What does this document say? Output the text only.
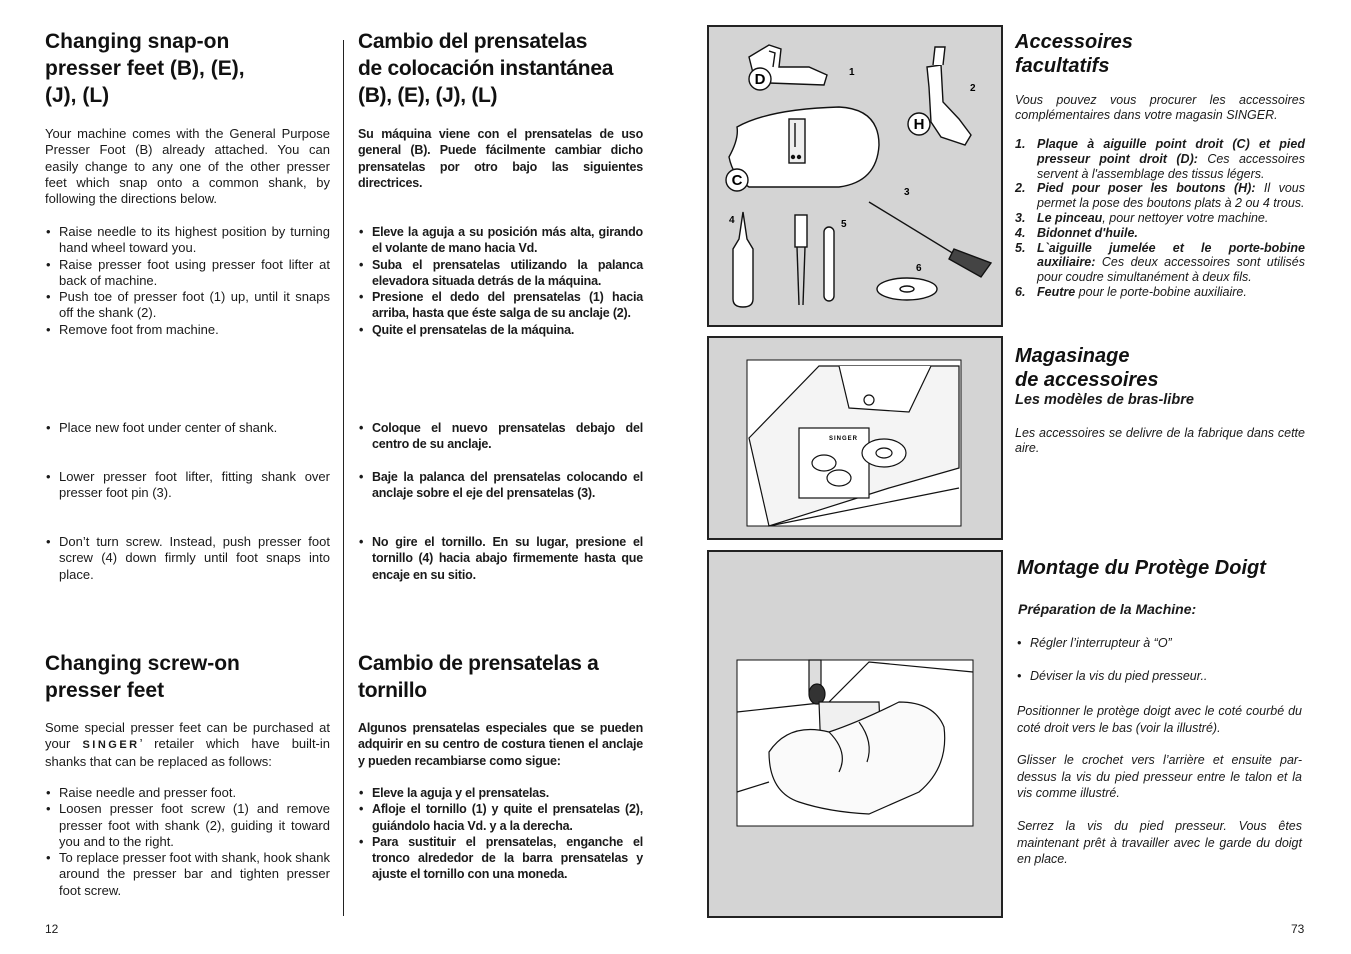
Changing snap-on
presser feet (B), (E),
(J), (L)

Your machine comes with the General Purpose Presser Foot (B) already attached. You can easily change to any one of the other presser feet which snap onto a common shank, by following the directions below.

• Raise needle to its highest position by turning hand wheel toward you.
• Raise presser foot using presser foot lifter at back of machine.
• Push toe of presser foot (1) up, until it snaps off the shank (2).
• Remove foot from machine.
• Place new foot under center of shank.
• Lower presser foot lifter, fitting shank over presser foot pin (3).
• Don’t turn screw. Instead, push presser foot screw (4) down firmly until foot snaps into place.
Changing screw-on
presser feet

Some special presser feet can be purchased at your SINGER’ retailer which have built-in shanks that can be replaced as follows:

• Raise needle and presser foot.
• Loosen presser foot screw (1) and remove presser foot with shank (2), guiding it toward you and to the right.
• To replace presser foot with shank, hook shank around the presser bar and tighten presser foot screw.
12
Cambio del prensatelas
de colocación instantánea
(B), (E), (J), (L)

Su máquina viene con el prensatelas de uso general (B). Puede fácilmente cambiar dicho prensatelas por otro bajo las siguientes directrices.

• Eleve la aguja a su posición más alta, girando el volante de mano hacia Vd.
• Suba el prensatelas utilizando la palanca elevadora situada detrás de la máquina.
• Presione el dedo del prensatelas (1) hacia arriba, hasta que éste salga de su anclaje (2).
• Quite el prensatelas de la máquina.
• Coloque el nuevo prensatelas debajo del centro de su anclaje.
• Baje la palanca del prensatelas colocando el anclaje sobre el eje del prensatelas (3).
• No gire el tornillo. En su lugar, presione el tornillo (4) hacia abajo firmemente hasta que encaje en su sitio.
Cambio de prensatelas a
tornillo

Algunos prensatelas especiales que se pueden adquirir en su centro de costura tienen el anclaje y pueden recambiarse como sigue:

• Eleve la aguja y el prensatelas.
• Afloje el tornillo (1) y quite el prensatelas (2), guiándolo hacia Vd. y a la derecha.
• Para sustituir el prensatelas, enganche el tronco alrededor de la barra prensatelas y ajuste el tornillo con una moneda.
D	1
H
2
C
3
4	5
6
SINGER
Accessoires
facultatifs

Vous pouvez vous procurer les accessoires complémentaires dans votre magasin SINGER.

1. Plaque à aiguille point droit (C) et pied presseur point droit (D): Ces accessoires servent à l'assemblage des tissus légers.
2. Pied pour poser les boutons (H): Il vous permet la pose des boutons plats à 2 ou 4 trous.
3. Le pinceau, pour nettoyer votre machine.
4. Bidonnet d'huile.
5. L`aiguille jumelée et le porte-bobine auxiliaire: Ces deux accessoires sont utilisés pour coudre simultanément à deux fils.
6. Feutre pour le porte-bobine auxiliaire.
Magasinage
de accessoires
Les modèles de bras-libre

Les accessoires se delivre de la fabrique dans cette aire.

Montage du Protège Doigt
Préparation de la Machine:
• Régler l’interrupteur à “O”
• Déviser la vis du pied presseur..

Positionner le protège doigt avec le coté courbé du coté droit vers le bas (voir la illustré).

Glisser le crochet vers l’arrière et ensuite par-dessus la vis du pied presseur entre le talon et la vis comme illustré.

Serrez la vis du pied presseur. Vous êtes maintenant prêt à travailler avec le garde du doigt en place.

73
